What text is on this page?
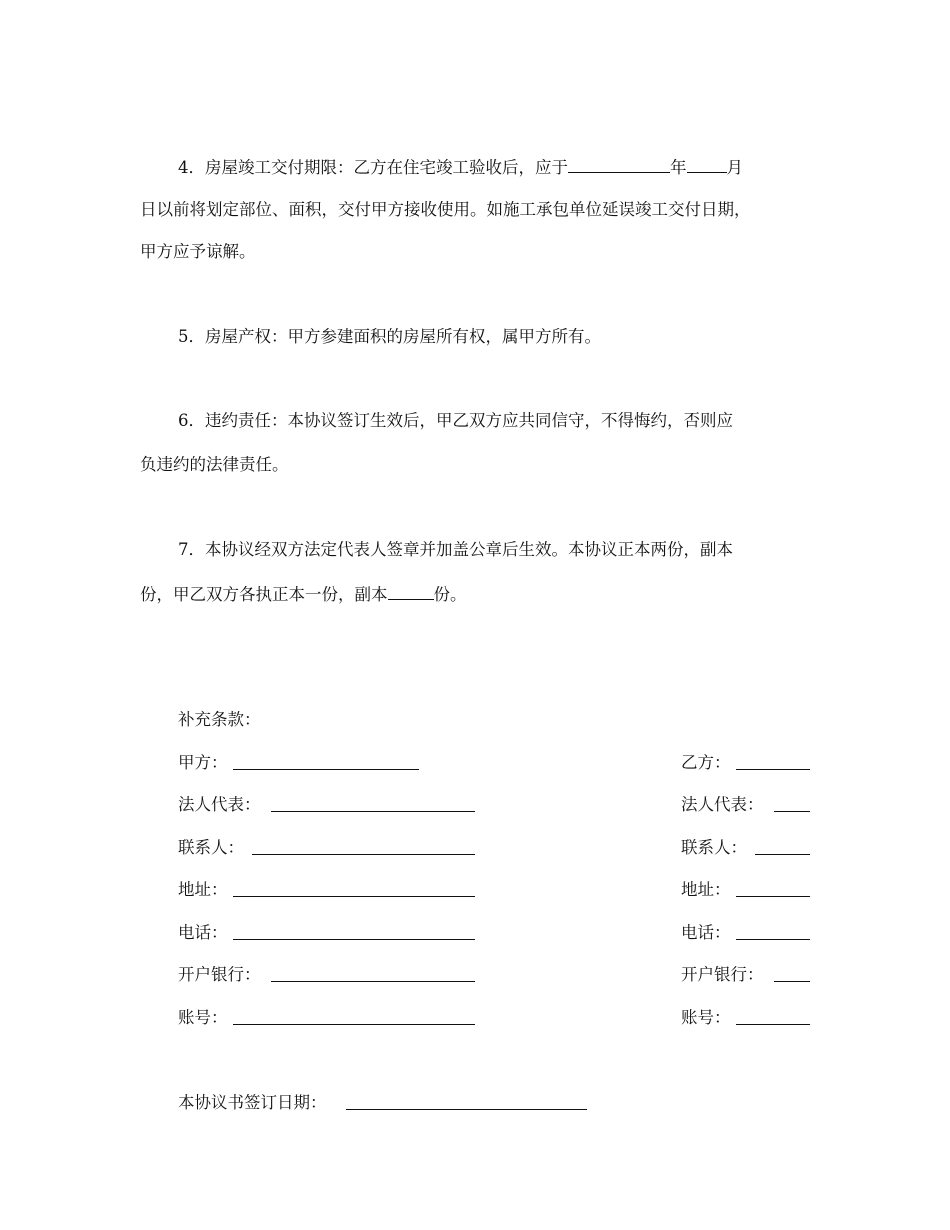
4．房屋竣工交付期限：乙方在住宅竣工验收后，应于	年 月
日以前将划定部位、面积，交付甲方接收使用。如施工承包单位延误竣工交付日期，
甲方应予谅解。
5．房屋产权：甲方参建面积的房屋所有权，属甲方所有。
6．违约责任：本协议签订生效后，甲乙双方应共同信守，不得悔约，否则应
负违约的法律责任。
7．本协议经双方法定代表人签章并加盖公章后生效。本协议正本两份，副本
份，甲乙双方各执正本一份，副本	份。
补充条款：
甲方：
法人代表：
联系人：
地址：
电话：
开户银行：
账号：
乙方：
法人代表：
联系人：
地址：
电话：
开户银行：
账号：
本协议书签订日期：
